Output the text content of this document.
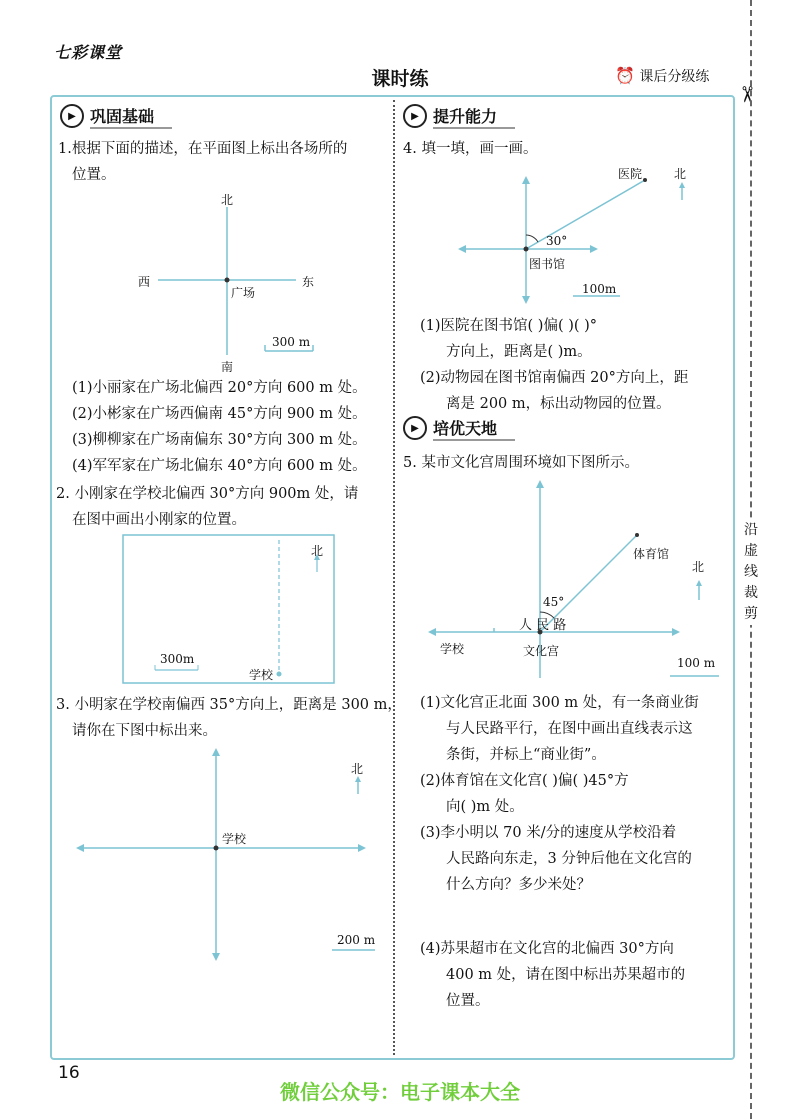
七彩课堂
课时练	⏰ 课后分级练
✂
沿虚线裁剪
▶ 巩固基础
1.根据下面的描述，在平面图上标出各场所的
位置。
北
西	东
南
广场
300 m
(1)小丽家在广场北偏西 20°方向 600 m 处。
(2)小彬家在广场西偏南 45°方向 900 m 处。
(3)柳柳家在广场南偏东 30°方向 300 m 处。
(4)军军家在广场北偏东 40°方向 600 m 处。
2. 小刚家在学校北偏西 30°方向 900m 处，请
在图中画出小刚家的位置。
北
300m
学校
3. 小明家在学校南偏西 35°方向上，距离是 300 m，
请你在下图中标出来。
北
学校
200 m
▶ 提升能力
4. 填一填，画一画。
医院	北
30°
图书馆
100m
(1)医院在图书馆( )偏( )( )°
方向上，距离是( )m。
(2)动物园在图书馆南偏西 20°方向上，距
离是 200 m，标出动物园的位置。
▶ 培优天地
5. 某市文化宫周围环境如下图所示。
体育馆
北
45°
人 民 路
学校	文化宫
100 m
(1)文化宫正北面 300 m 处，有一条商业街
与人民路平行，在图中画出直线表示这
条街，并标上“商业街”。
(2)体育馆在文化宫( )偏( )45°方
向( )m 处。
(3)李小明以 70 米/分的速度从学校沿着
人民路向东走，3 分钟后他在文化宫的
什么方向？多少米处？
(4)苏果超市在文化宫的北偏西 30°方向
400 m 处，请在图中标出苏果超市的
位置。
16
微信公众号：电子课本大全
